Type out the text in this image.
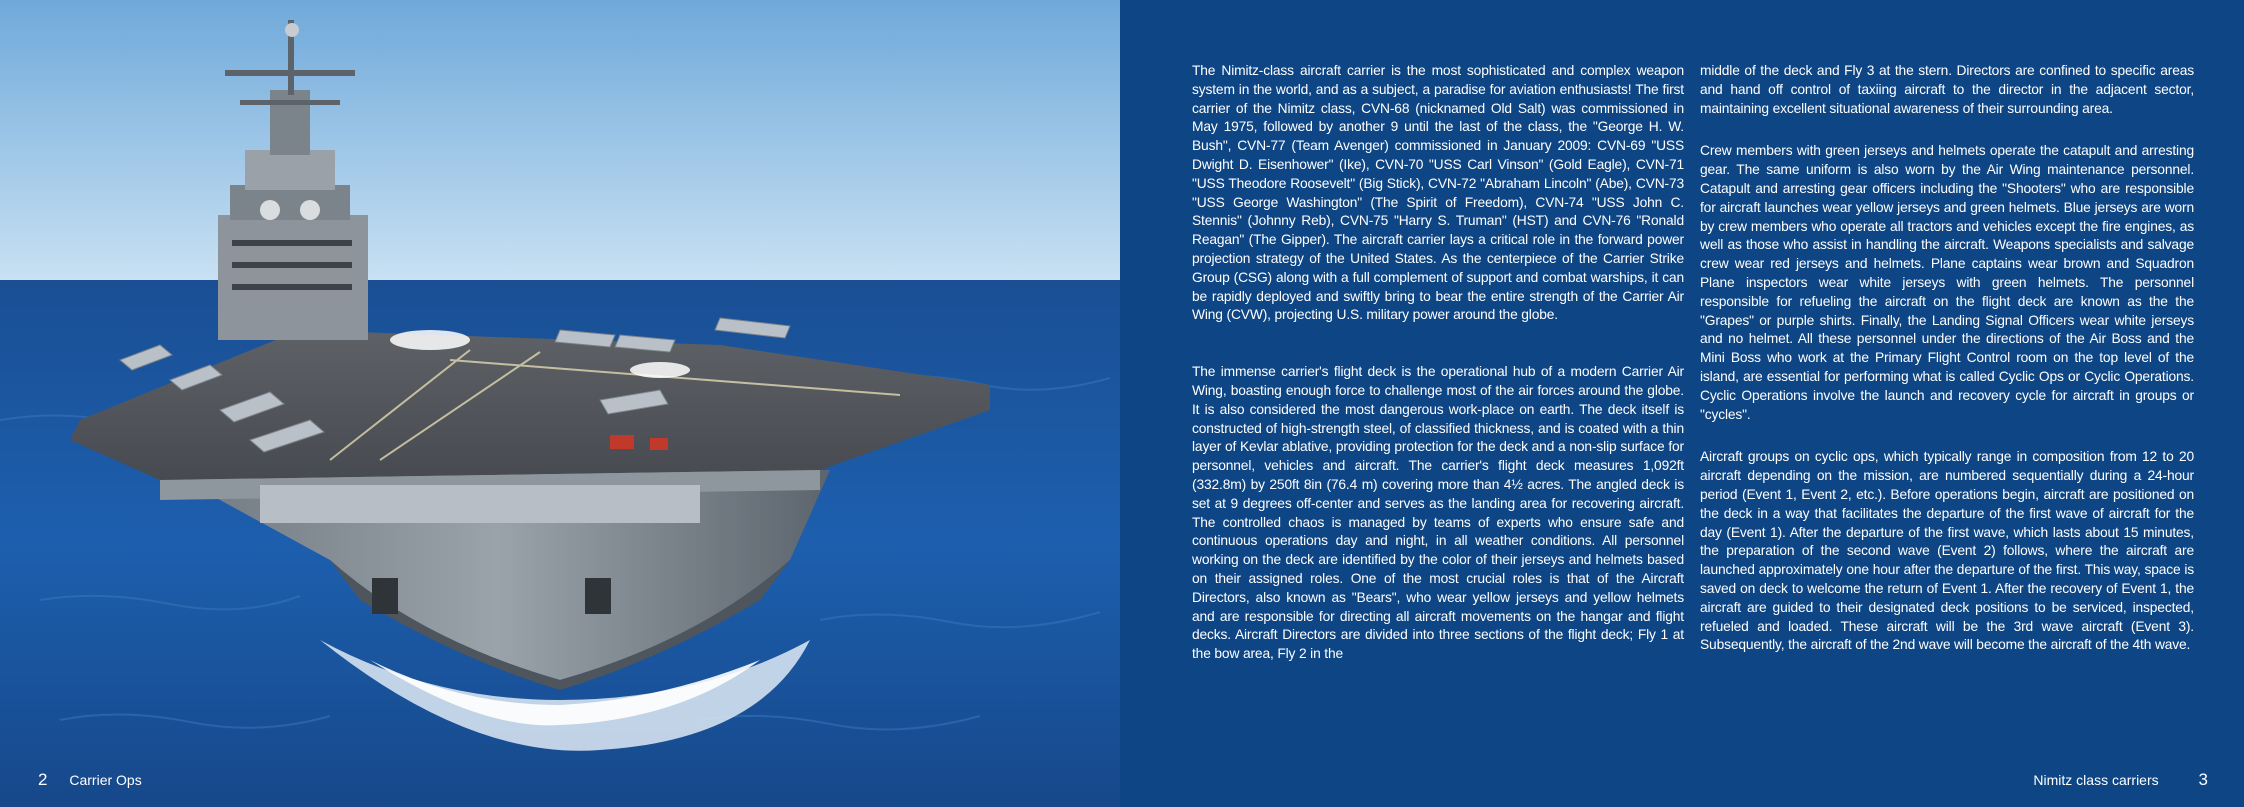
2 Carrier Ops

The Nimitz-class aircraft carrier is the most sophisticated and complex weapon system in the world, and as a subject, a paradise for aviation enthusiasts! The first carrier of the Nimitz class, CVN-68 (nicknamed Old Salt) was commissioned in May 1975, followed by another 9 until the last of the class, the "George H. W. Bush", CVN-77 (Team Avenger) commissioned in January 2009: CVN-69 "USS Dwight D. Eisenhower" (Ike), CVN-70 "USS Carl Vinson" (Gold Eagle), CVN-71 "USS Theodore Roosevelt" (Big Stick), CVN-72 "Abraham Lincoln" (Abe), CVN-73 "USS George Washington" (The Spirit of Freedom), CVN-74 "USS John C. Stennis" (Johnny Reb), CVN-75 "Harry S. Truman" (HST) and CVN-76 "Ronald Reagan" (The Gipper). The aircraft carrier lays a critical role in the forward power projection strategy of the United States. As the centerpiece of the Carrier Strike Group (CSG) along with a full complement of support and combat warships, it can be rapidly deployed and swiftly bring to bear the entire strength of the Carrier Air Wing (CVW), projecting U.S. military power around the globe.

The immense carrier's flight deck is the operational hub of a modern Carrier Air Wing, boasting enough force to challenge most of the air forces around the globe. It is also considered the most dangerous work-place on earth. The deck itself is constructed of high-strength steel, of classified thickness, and is coated with a thin layer of Kevlar ablative, providing protection for the deck and a non-slip surface for personnel, vehicles and aircraft. The carrier's flight deck measures 1,092ft (332.8m) by 250ft 8in (76.4 m) covering more than 4½ acres. The angled deck is set at 9 degrees off-center and serves as the landing area for recovering aircraft. The controlled chaos is managed by teams of experts who ensure safe and continuous operations day and night, in all weather conditions. All personnel working on the deck are identified by the color of their jerseys and helmets based on their assigned roles. One of the most crucial roles is that of the Aircraft Directors, also known as "Bears", who wear yellow jerseys and yellow helmets and are responsible for directing all aircraft movements on the hangar and flight decks. Aircraft Directors are divided into three sections of the flight deck; Fly 1 at the bow area, Fly 2 in the

middle of the deck and Fly 3 at the stern. Directors are confined to specific areas and hand off control of taxiing aircraft to the director in the adjacent sector, maintaining excellent situational awareness of their surrounding area.

Crew members with green jerseys and helmets operate the catapult and arresting gear. The same uniform is also worn by the Air Wing maintenance personnel. Catapult and arresting gear officers including the "Shooters" who are responsible for aircraft launches wear yellow jerseys and green helmets. Blue jerseys are worn by crew members who operate all tractors and vehicles except the fire engines, as well as those who assist in handling the aircraft. Weapons specialists and salvage crew wear red jerseys and helmets. Plane captains wear brown and Squadron Plane inspectors wear white jerseys with green helmets. The personnel responsible for refueling the aircraft on the flight deck are known as the the "Grapes" or purple shirts. Finally, the Landing Signal Officers wear white jerseys and no helmet. All these personnel under the directions of the Air Boss and the Mini Boss who work at the Primary Flight Control room on the top level of the island, are essential for performing what is called Cyclic Ops or Cyclic Operations. Cyclic Operations involve the launch and recovery cycle for aircraft in groups or "cycles".

Aircraft groups on cyclic ops, which typically range in composition from 12 to 20 aircraft depending on the mission, are numbered sequentially during a 24-hour period (Event 1, Event 2, etc.). Before operations begin, aircraft are positioned on the deck in a way that facilitates the departure of the first wave of aircraft for the day (Event 1). After the departure of the first wave, which lasts about 15 minutes, the preparation of the second wave (Event 2) follows, where the aircraft are launched approximately one hour after the departure of the first. This way, space is saved on deck to welcome the return of Event 1. After the recovery of Event 1, the aircraft are guided to their designated deck positions to be serviced, inspected, refueled and loaded. These aircraft will be the 3rd wave aircraft (Event 3). Subsequently, the aircraft of the 2nd wave will become the aircraft of the 4th wave.

Nimitz class carriers 3
